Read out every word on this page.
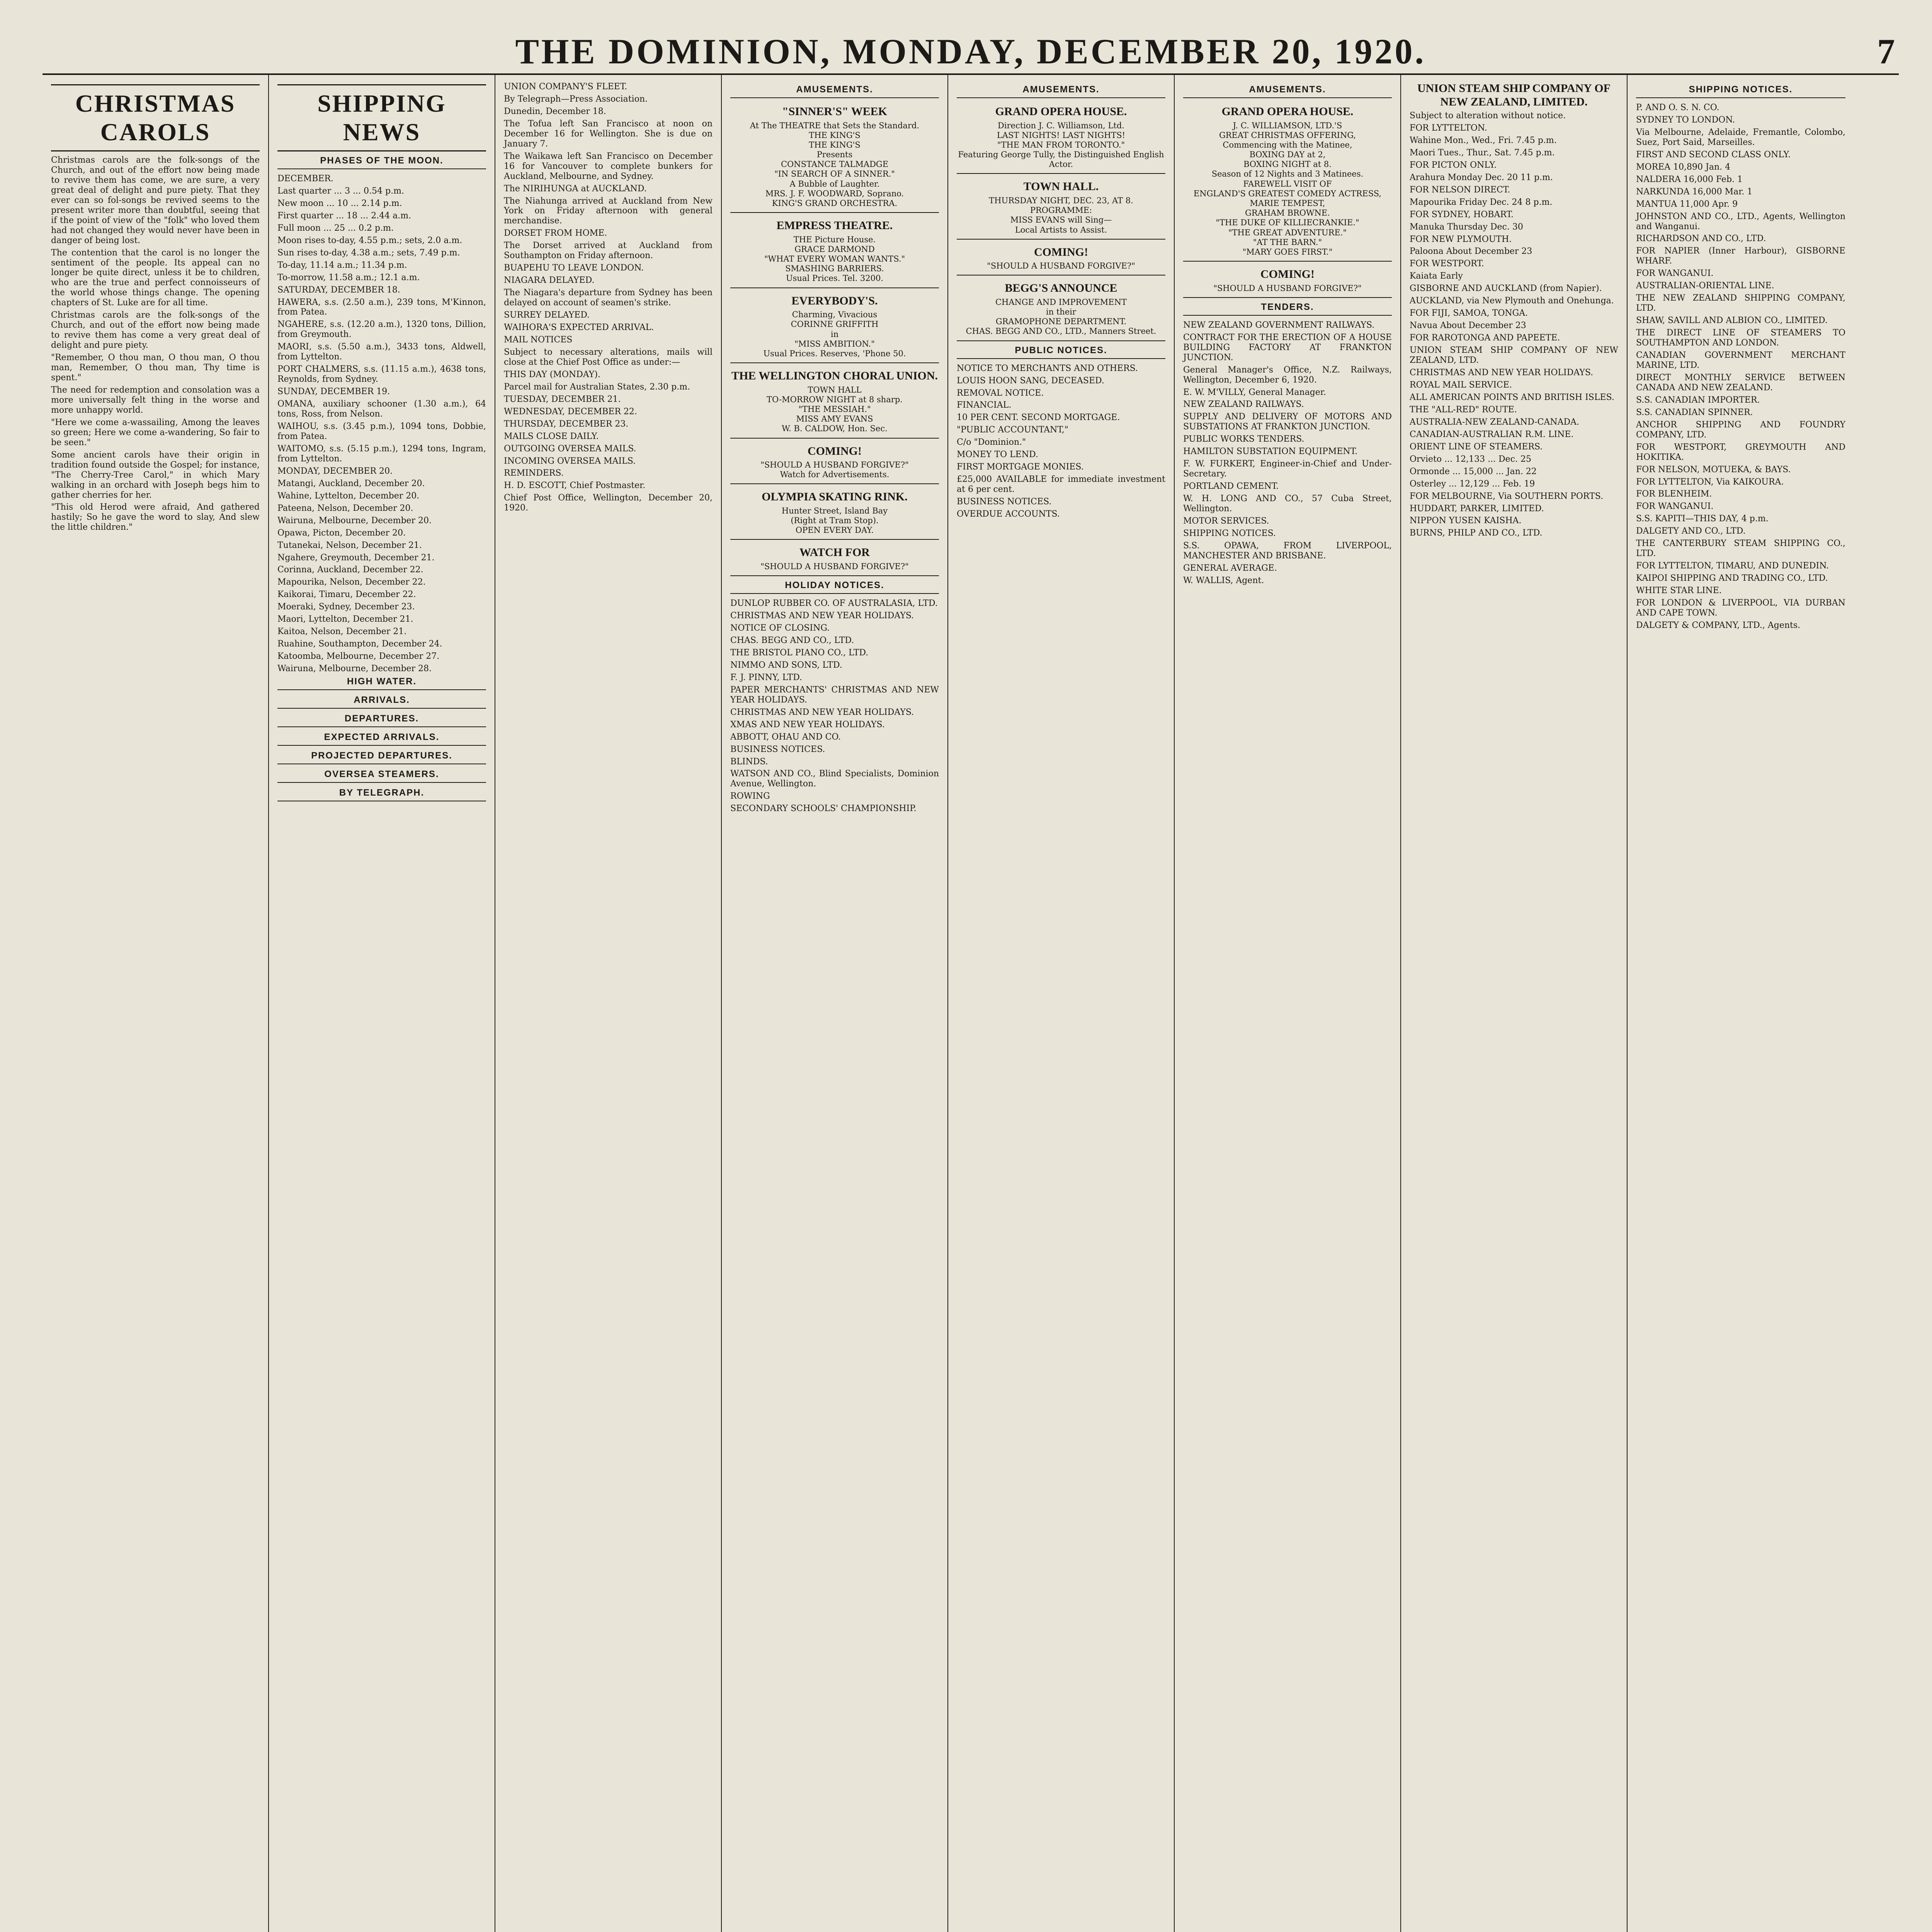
THE DOMINION, MONDAY, DECEMBER 20, 1920.	7
CHRISTMAS CAROLS

Christmas carols are the folk-songs of the Church, and out of the effort now being made to revive them has come, we are sure, a very great deal of delight and pure piety. That they ever can so fol-songs be revived seems to the present writer more than doubtful, seeing that if the point of view of the "folk" who loved them had not changed they would never have been in danger of being lost.

The contention that the carol is no longer the sentiment of the people. Its appeal can no longer be quite direct, unless it be to children, who are the true and perfect connoisseurs of the world whose things change. The opening chapters of St. Luke are for all time.

Christmas carols are the folk-songs of the Church, and out of the effort now being made to revive them has come a very great deal of delight and pure piety.

"Remember, O thou man, O thou man, O thou man, Remember, O thou man, Thy time is spent."

The need for redemption and consolation was a more universally felt thing in ​the worse and more unhappy world.

"Here we come a-wassailing, Among the leaves so green; Here we come a-wandering, So fair to be seen."

Some ancient carols have their origin in tradition found outside the Gospel; for instance, "The Cherry-Tree Carol," in which Mary walking in an orchard with Joseph begs him to gather cherries for her.

"This old Herod were afraid, And gathered hastily; So he gave the word to slay, And slew the little children."

SHIPPING NEWS
PHASES OF THE MOON.

DECEMBER.

Last quarter ... 3 ... 0.54 p.m.

New moon ... 10 ... 2.14 p.m.

First quarter ... 18 ... 2.44 a.m.

Full moon ... 25 ... 0.2 p.m.

Moon rises to-day, 4.55 p.m.; sets, 2.0 a.m.

Sun rises to-day, 4.38 a.m.; sets, 7.49 p.m.

To-day, 11.14 a.m.; 11.34 p.m.

To-morrow, 11.58 a.m.; 12.1 a.m.

SATURDAY, DECEMBER 18.

HAWERA, s.s. (2.50 a.m.), 239 tons, M'Kinnon, from Patea.

NGAHERE, s.s. (12.20 a.m.), 1320 tons, Dillion, from Greymouth.

MAORI, s.s. (5.50 a.m.), 3433 tons, Aldwell, from Lyttelton.

PORT CHALMERS, s.s. (11.15 a.m.), 4638 tons, Reynolds, from Sydney.

SUNDAY, DECEMBER 19.

OMANA, auxiliary schooner (1.30 a.m.), 64 tons, Ross, from Nelson.

WAIHOU, s.s. (3.45 p.m.), 1094 tons, Dobbie, from Patea.

WAITOMO, s.s. (5.15 p.m.), 1294 tons, Ingram, from Lyttelton.

MONDAY, DECEMBER 20.

Matangi, Auckland, December 20.

Wahine, Lyttelton, December 20.

Pateena, Nelson, December 20.

Wairuna, Melbourne, December 20.

Opawa, Picton, December 20.

Tutanekai, Nelson, December 21.

Ngahere, Greymouth, December 21.

Corinna, Auckland, December 22.

Mapourika, Nelson, December 22.

Kaikorai, Timaru, December 22.

Moeraki, Sydney, December 23.

Maori, Lyttelton, December 21.

Kaitoa, Nelson, December 21.

Ruahine, Southampton, December 24.

Katoomba, Melbourne, December 27.

Wairuna, Melbourne, December 28.

HIGH WATER.
ARRIVALS.
DEPARTURES.
EXPECTED ARRIVALS.
PROJECTED DEPARTURES.
OVERSEA STEAMERS.
BY TELEGRAPH.

UNION COMPANY'S FLEET.

By Telegraph—Press Association.

Dunedin, December 18.

The Tofua left San Francisco at noon on December 16 for Wellington. She is due on January 7.

The Waikawa left San Francisco on December 16 for Vancouver to complete bunkers for Auckland, Melbourne, and Sydney.

The NIRIHUNGA at AUCKLAND.

The Niahunga arrived at Auckland from New York on Friday afternoon with general merchandise.

DORSET FROM HOME.

The Dorset arrived at Auckland from Southampton on Friday afternoon.

BUAPEHU TO LEAVE LONDON.

NIAGARA DELAYED.

The Niagara's departure from Sydney has been delayed on account of seamen's strike.

SURREY DELAYED.

WAIHORA'S EXPECTED ARRIVAL.

MAIL NOTICES

Subject to necessary alterations, mails will close at the Chief Post Office as under:—

THIS DAY (MONDAY).

Parcel mail for Australian States, 2.30 p.m.

TUESDAY, DECEMBER 21.

WEDNESDAY, DECEMBER 22.

THURSDAY, DECEMBER 23.

MAILS CLOSE DAILY.

OUTGOING OVERSEA MAILS.

INCOMING OVERSEA MAILS.

REMINDERS.

H. D. ESCOTT, Chief Postmaster.

Chief Post Office, Wellington, December 20, 1920.

AMUSEMENTS.
"SINNER'S" WEEK
At The THEATRE that Sets the Standard.
THE KING'S
THE KING'S
Presents
CONSTANCE TALMADGE
"IN SEARCH OF A SINNER."
A Bubble of Laughter.
MRS. J. F. WOODWARD, Soprano.
KING'S GRAND ORCHESTRA.
EMPRESS THEATRE.
THE Picture House.
GRACE DARMOND
"WHAT EVERY WOMAN WANTS."
SMASHING BARRIERS.
Usual Prices. Tel. 3200.
EVERYBODY'S.
Charming, Vivacious
CORINNE GRIFFITH
in
"MISS AMBITION."
Usual Prices. Reserves, 'Phone 50.
THE WELLINGTON CHORAL UNION.
TOWN HALL
TO-MORROW NIGHT at 8 sharp.
"THE MESSIAH."
MISS AMY EVANS
W. B. CALDOW, Hon. Sec.
COMING!
"SHOULD A HUSBAND FORGIVE?"
Watch for Advertisements.
OLYMPIA SKATING RINK.
Hunter Street, Island Bay
(Right at Tram Stop).
OPEN EVERY DAY.
WATCH FOR
"SHOULD A HUSBAND FORGIVE?"
HOLIDAY NOTICES.

DUNLOP RUBBER CO. OF AUSTRALASIA, LTD.

CHRISTMAS AND NEW YEAR HOLIDAYS.

NOTICE OF CLOSING.

CHAS. BEGG AND CO., LTD.

THE BRISTOL PIANO CO., LTD.

NIMMO AND SONS, LTD.

F. J. PINNY, LTD.

PAPER MERCHANTS' CHRISTMAS AND NEW YEAR HOLIDAYS.

CHRISTMAS AND NEW YEAR HOLIDAYS.

XMAS AND NEW YEAR HOLIDAYS.

ABBOTT, OHAU AND CO.

BUSINESS NOTICES.

BLINDS.

WATSON AND CO., Blind Specialists, Dominion Avenue, Wellington.

ROWING

SECONDARY SCHOOLS' CHAMPIONSHIP.

AMUSEMENTS.
GRAND OPERA HOUSE.
Direction J. C. Williamson, Ltd.
LAST NIGHTS! LAST NIGHTS!
"THE MAN FROM TORONTO."
Featuring George Tully, the Distinguished English Actor.
TOWN HALL.
THURSDAY NIGHT, DEC. 23, AT 8.
PROGRAMME:
MISS EVANS will Sing—
Local Artists to Assist.
COMING!
"SHOULD A HUSBAND FORGIVE?"
BEGG'S ANNOUNCE
CHANGE AND IMPROVEMENT
in their
GRAMOPHONE DEPARTMENT.
CHAS. BEGG AND CO., LTD., Manners Street.
PUBLIC NOTICES.

NOTICE TO MERCHANTS AND OTHERS.

LOUIS HOON SANG, DECEASED.

REMOVAL NOTICE.

FINANCIAL.

10 PER CENT. SECOND MORTGAGE.

"PUBLIC ACCOUNTANT,"

C/o "Dominion."

MONEY TO LEND.

FIRST MORTGAGE MONIES.

£25,000 AVAILABLE for immediate investment at 6 per cent.

BUSINESS NOTICES.

OVERDUE ACCOUNTS.

AMUSEMENTS.
GRAND OPERA HOUSE.
J. C. WILLIAMSON, LTD.'S
GREAT CHRISTMAS OFFERING,
Commencing with the Matinee,
BOXING DAY at 2,
BOXING NIGHT at 8.
Season of 12 Nights and 3 Matinees.
FAREWELL VISIT OF
ENGLAND'S GREATEST COMEDY ACTRESS,
MARIE TEMPEST,
GRAHAM BROWNE.
"THE DUKE OF KILLIECRANKIE."
"THE GREAT ADVENTURE."
"AT THE BARN."
"MARY GOES FIRST."
COMING!
"SHOULD A HUSBAND FORGIVE?"
TENDERS.

NEW ZEALAND GOVERNMENT RAILWAYS.

CONTRACT FOR THE ERECTION OF A HOUSE BUILDING FACTORY AT FRANKTON JUNCTION.

General Manager's Office, N.Z. Railways, Wellington, December 6, 1920.

E. W. M'VILLY, General Manager.

NEW ZEALAND RAILWAYS.

SUPPLY AND DELIVERY OF MOTORS AND SUBSTATIONS AT FRANKTON JUNCTION.

PUBLIC WORKS TENDERS.

HAMILTON SUBSTATION EQUIPMENT.

F. W. FURKERT, Engineer-in-Chief and Under-Secretary.

PORTLAND CEMENT.

W. H. LONG AND CO., 57 Cuba Street, Wellington.

MOTOR SERVICES.

SHIPPING NOTICES.

S.S. OPAWA, FROM LIVERPOOL, MANCHESTER AND BRISBANE.

GENERAL AVERAGE.

W. WALLIS, Agent.

UNION STEAM SHIP COMPANY OF NEW ZEALAND, LIMITED.

Subject to alteration without notice.

FOR LYTTELTON.

Wahine Mon., Wed., Fri. 7.45 p.m.

Maori Tues., Thur., Sat. 7.45 p.m.

FOR PICTON ONLY.

Arahura Monday Dec. 20 11 p.m.

FOR NELSON DIRECT.

Mapourika Friday Dec. 24 8 p.m.

FOR SYDNEY, HOBART.

Manuka Thursday Dec. 30

FOR NEW PLYMOUTH.

Paloona About December 23

FOR WESTPORT.

Kaiata Early

GISBORNE AND AUCKLAND (from Napier).

AUCKLAND, via New Plymouth and Onehunga.

FOR FIJI, SAMOA, TONGA.

Navua About December 23

FOR RAROTONGA AND PAPEETE.

UNION STEAM SHIP COMPANY OF NEW ZEALAND, LTD.

CHRISTMAS AND NEW YEAR HOLIDAYS.

ROYAL MAIL SERVICE.

ALL AMERICAN POINTS AND BRITISH ISLES.

THE "ALL-RED" ROUTE.

AUSTRALIA-NEW ZEALAND-CANADA.

CANADIAN-AUSTRALIAN R.M. LINE.

ORIENT LINE OF STEAMERS.

Orvieto ... 12,133 ... Dec. 25

Ormonde ... 15,000 ... Jan. 22

Osterley ... 12,129 ... Feb. 19

FOR MELBOURNE, Via SOUTHERN PORTS.

HUDDART, PARKER, LIMITED.

NIPPON YUSEN KAISHA.

BURNS, PHILP AND CO., LTD.

SHIPPING NOTICES.

P. AND O. S. N. CO.

SYDNEY TO LONDON.

Via Melbourne, Adelaide, Fremantle, Colombo, Suez, Port Said, Marseilles.

FIRST AND SECOND CLASS ONLY.

MOREA 10,890 Jan. 4

NALDERA 16,000 Feb. 1

NARKUNDA 16,000 Mar. 1

MANTUA 11,000 Apr. 9

JOHNSTON AND CO., LTD., Agents, Wellington and Wanganui.

RICHARDSON AND CO., LTD.

FOR NAPIER (Inner Harbour), GISBORNE WHARF.

FOR WANGANUI.

AUSTRALIAN-ORIENTAL LINE.

THE NEW ZEALAND SHIPPING COMPANY, LTD.

SHAW, SAVILL AND ALBION CO., LIMITED.

THE DIRECT LINE OF STEAMERS TO SOUTHAMPTON AND LONDON.

CANADIAN GOVERNMENT MERCHANT MARINE, LTD.

DIRECT MONTHLY SERVICE BETWEEN CANADA AND NEW ZEALAND.

S.S. CANADIAN IMPORTER.

S.S. CANADIAN SPINNER.

ANCHOR SHIPPING AND FOUNDRY COMPANY, LTD.

FOR WESTPORT, GREYMOUTH AND HOKITIKA.

FOR NELSON, MOTUEKA, & BAYS.

FOR LYTTELTON, Via KAIKOURA.

FOR BLENHEIM.

FOR WANGANUI.

S.S. KAPITI—THIS DAY, 4 p.m.

DALGETY AND CO., LTD.

THE CANTERBURY STEAM SHIPPING CO., LTD.

FOR LYTTELTON, TIMARU, AND DUNEDIN.

KAIPOI SHIPPING AND TRADING CO., LTD.

WHITE STAR LINE.

FOR LONDON & LIVERPOOL, VIA DURBAN AND CAPE TOWN.

DALGETY & COMPANY, LTD., Agents.
